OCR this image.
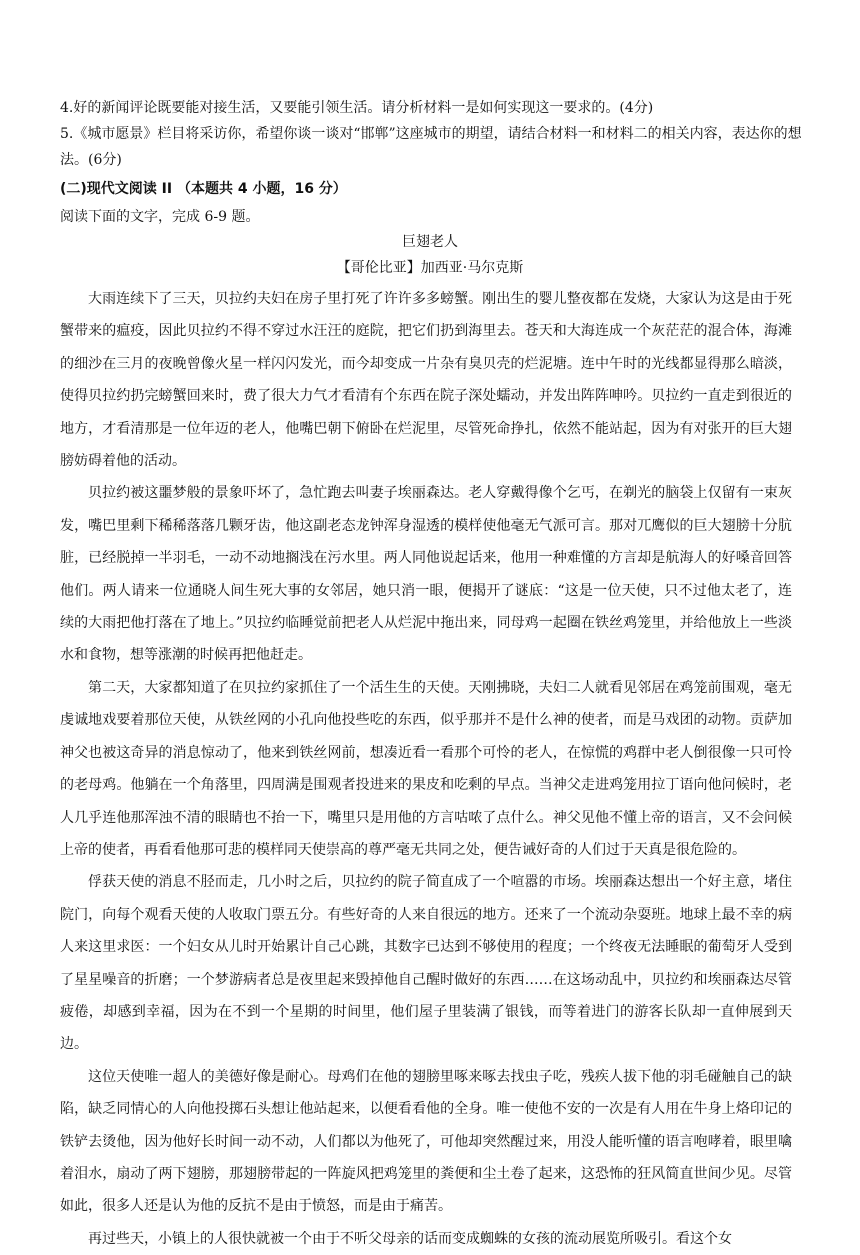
4.好的新闻评论既要能对接生活，又要能引领生活。请分析材料一是如何实现这一要求的。(4分)

5.《城市愿景》栏目将采访你，希望你谈一谈对“邯郸”这座城市的期望，请结合材料一和材料二的相关内容，表达你的想法。(6分)

(二)现代文阅读 II （本题共 4 小题，16 分）

阅读下面的文字，完成 6-9 题。

巨翅老人

【哥伦比亚】加西亚·马尔克斯

大雨连续下了三天，贝拉约夫妇在房子里打死了许许多多螃蟹。刚出生的婴儿整夜都在发烧，大家认为这是由于死蟹带来的瘟疫，因此贝拉约不得不穿过水汪汪的庭院，把它们扔到海里去。苍天和大海连成一个灰茫茫的混合体，海滩的细沙在三月的夜晚曾像火星一样闪闪发光，而今却变成一片杂有臭贝壳的烂泥塘。连中午时的光线都显得那么暗淡，使得贝拉约扔完螃蟹回来时，费了很大力气才看清有个东西在院子深处蠕动，并发出阵阵呻吟。贝拉约一直走到很近的地方，才看清那是一位年迈的老人，他嘴巴朝下俯卧在烂泥里，尽管死命挣扎，依然不能站起，因为有对张开的巨大翅膀妨碍着他的活动。

贝拉约被这噩梦般的景象吓坏了，急忙跑去叫妻子埃丽森达。老人穿戴得像个乞丐，在剃光的脑袋上仅留有一束灰发，嘴巴里剩下稀稀落落几颗牙齿，他这副老态龙钟浑身湿透的模样使他毫无气派可言。那对兀鹰似的巨大翅膀十分肮脏，已经脱掉一半羽毛，一动不动地搁浅在污水里。两人同他说起话来，他用一种难懂的方言却是航海人的好嗓音回答他们。两人请来一位通晓人间生死大事的女邻居，她只消一眼，便揭开了谜底：“这是一位天使，只不过他太老了，连续的大雨把他打落在了地上。”贝拉约临睡觉前把老人从烂泥中拖出来，同母鸡一起圈在铁丝鸡笼里，并给他放上一些淡水和食物，想等涨潮的时候再把他赶走。

第二天，大家都知道了在贝拉约家抓住了一个活生生的天使。天刚拂晓，夫妇二人就看见邻居在鸡笼前围观，毫无虔诚地戏要着那位天使，从铁丝网的小孔向他投些吃的东西，似乎那并不是什么神的使者，而是马戏团的动物。贡萨加神父也被这奇异的消息惊动了，他来到铁丝网前，想凑近看一看那个可怜的老人，在惊慌的鸡群中老人倒很像一只可怜的老母鸡。他躺在一个角落里，四周满是围观者投进来的果皮和吃剩的早点。当神父走进鸡笼用拉丁语向他问候时，老人几乎连他那浑浊不清的眼睛也不抬一下，嘴里只是用他的方言咕哝了点什么。神父见他不懂上帝的语言，又不会问候上帝的使者，再看看他那可悲的模样同天使崇高的尊严毫无共同之处，便告诫好奇的人们过于天真是很危险的。

俘获天使的消息不胫而走，几小时之后，贝拉约的院子简直成了一个喧嚣的市场。埃丽森达想出一个好主意，堵住院门，向每个观看天使的人收取门票五分。有些好奇的人来自很远的地方。还来了一个流动杂耍班。地球上最不幸的病人来这里求医：一个妇女从儿时开始累计自己心跳，其数字已达到不够使用的程度；一个终夜无法睡眠的葡萄牙人受到了星星噪音的折磨；一个梦游病者总是夜里起来毁掉他自己醒时做好的东西……在这场动乱中，贝拉约和埃丽森达尽管疲倦，却感到幸福，因为在不到一个星期的时间里，他们屋子里装满了银钱，而等着进门的游客长队却一直伸展到天边。

这位天使唯一超人的美德好像是耐心。母鸡们在他的翅膀里啄来啄去找虫子吃，残疾人拔下他的羽毛碰触自己的缺陷，缺乏同情心的人向他投掷石头想让他站起来，以便看看他的全身。唯一使他不安的一次是有人用在牛身上烙印记的铁铲去烫他，因为他好长时间一动不动，人们都以为他死了，可他却突然醒过来，用没人能听懂的语言咆哮着，眼里噙着泪水，扇动了两下翅膀，那翅膀带起的一阵旋风把鸡笼里的粪便和尘土卷了起来，这恐怖的狂风简直世间少见。尽管如此，很多人还是认为他的反抗不是由于愤怒，而是由于痛苦。

再过些天，小镇上的人很快就被一个由于不听父母亲的话而变成蜘蛛的女孩的流动展览所吸引。看这个女
